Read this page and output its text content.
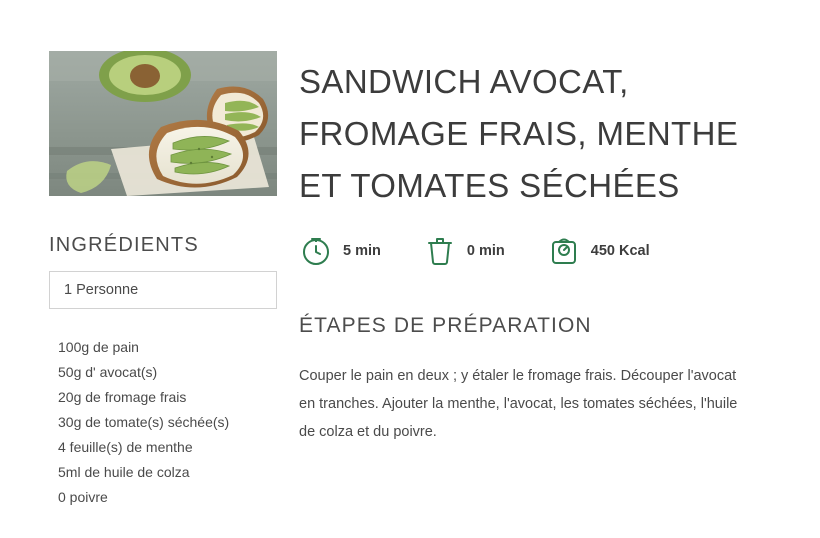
INGRÉDIENTS
1 Personne
100g de pain
50g d' avocat(s)
20g de fromage frais
30g de tomate(s) séchée(s)
4 feuille(s) de menthe
5ml de huile de colza
0 poivre
SANDWICH AVOCAT, FROMAGE FRAIS, MENTHE ET TOMATES SÉCHÉES
5 min	0 min	450 Kcal
ÉTAPES DE PRÉPARATION

Couper le pain en deux ; y étaler le fromage frais. Découper l'avocat en tranches. Ajouter la menthe, l'avocat, les tomates séchées, l'huile de colza et du poivre.
